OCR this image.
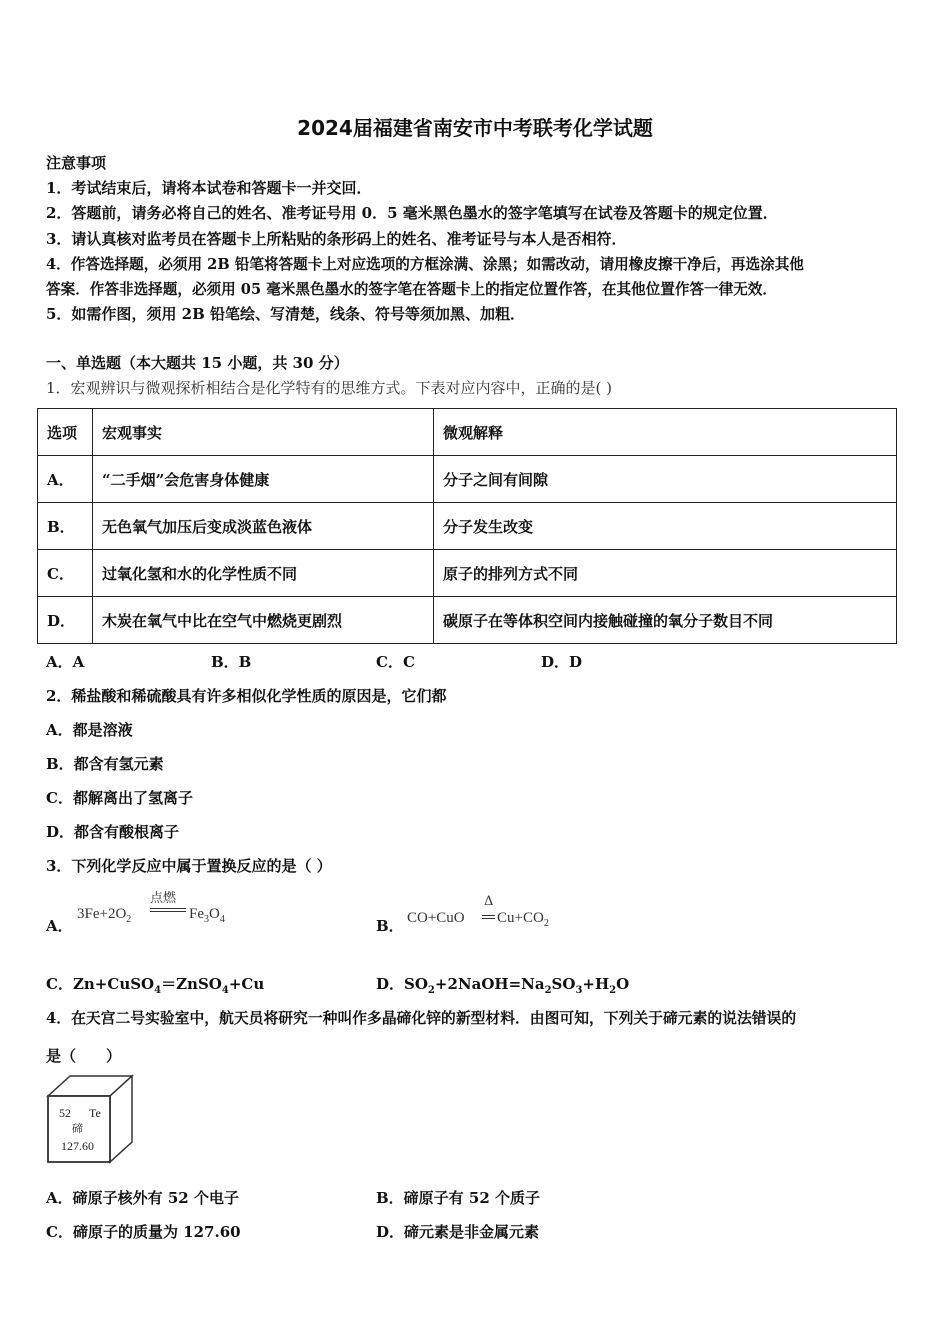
2024届福建省南安市中考联考化学试题
注意事项
1．考试结束后，请将本试卷和答题卡一并交回．
2．答题前，请务必将自己的姓名、准考证号用 0．5 毫米黑色墨水的签字笔填写在试卷及答题卡的规定位置．
3．请认真核对监考员在答题卡上所粘贴的条形码上的姓名、准考证号与本人是否相符．
4．作答选择题，必须用 2B 铅笔将答题卡上对应选项的方框涂满、涂黑；如需改动，请用橡皮擦干净后，再选涂其他
答案．作答非选择题，必须用 05 毫米黑色墨水的签字笔在答题卡上的指定位置作答，在其他位置作答一律无效．
5．如需作图，须用 2B 铅笔绘、写清楚，线条、符号等须加黑、加粗．
一、单选题（本大题共 15 小题，共 30 分）
1．宏观辨识与微观探析相结合是化学特有的思维方式。下表对应内容中，正确的是( )
选项	宏观事实	微观解释
A．	“二手烟”会危害身体健康	分子之间有间隙
B．	无色氧气加压后变成淡蓝色液体	分子发生改变
C．	过氧化氢和水的化学性质不同	原子的排列方式不同
D．	木炭在氧气中比在空气中燃烧更剧烈	碳原子在等体积空间内接触碰撞的氧分子数目不同
A．A	B．B	C．C	D．D
2．稀盐酸和稀硫酸具有许多相似化学性质的原因是，它们都
A．都是溶液
B．都含有氢元素
C．都解离出了氢离子
D．都含有酸根离子
3．下列化学反应中属于置换反应的是（ ）
A．
$3Fe+2O_2$
点燃
$Fe_3O_4$	B． CO+CuO
Δ
$Cu+CO_2$
C．Zn+CuSO$_4$＝ZnSO$_4$+Cu	D．$SO_2+2NaOH=Na_2SO_3+H_2O$
4．在天宫二号实验室中，航天员将研究一种叫作多晶碲化锌的新型材料．由图可知，下列关于碲元素的说法错误的
是（　　）
52 Te
碲
127.60
A．碲原子核外有 52 个电子	B．碲原子有 52 个质子
C．碲原子的质量为 127.60	D．碲元素是非金属元素
